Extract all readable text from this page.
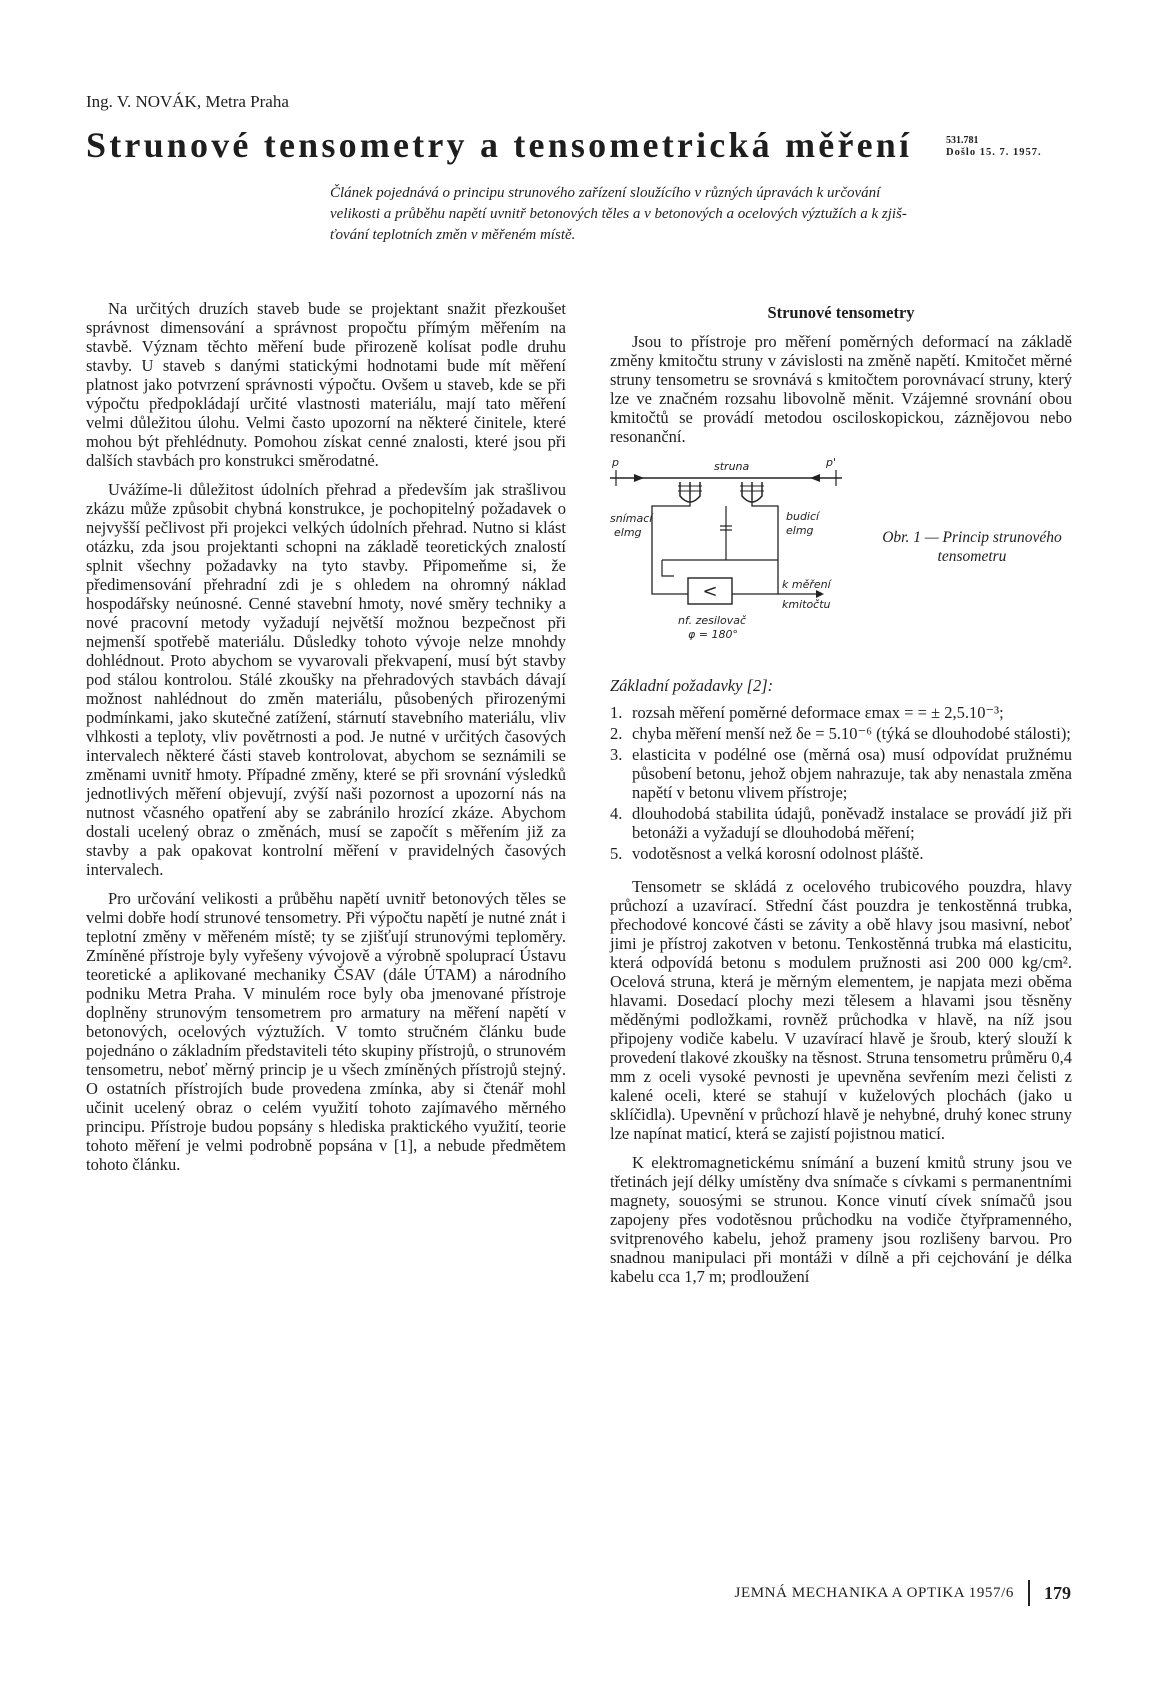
Ing. V. NOVÁK, Metra Praha
Strunové tensometry a tensometrická měření	531.781
Došlo 15. 7. 1957.
Článek pojednává o principu strunového zařízení sloužícího v různých úpravách k určování
velikosti a průběhu napětí uvnitř betonových těles a v betonových a ocelových výztužích a k zjiš-
ťování teplotních změn v měřeném místě.

Na určitých druzích staveb bude se projektant snažit přezkoušet správnost dimensování a správnost propočtu přímým měřením na stavbě. Význam těchto měření bude přirozeně kolísat podle druhu stavby. U staveb s danými statickými hodnotami bude mít měření platnost jako potvrzení správnosti výpočtu. Ovšem u staveb, kde se při výpočtu předpokládají určité vlastnosti materiálu, mají tato měření velmi důležitou úlohu. Velmi často upozorní na některé činitele, které mohou být přehlédnuty. Pomohou získat cenné znalosti, které jsou při dalších stavbách pro konstrukci směrodatné.

Uvážíme-li důležitost údolních přehrad a především jak strašlivou zkázu může způsobit chybná konstrukce, je pochopitelný požadavek o nejvyšší pečlivost při projekci velkých údolních přehrad. Nutno si klást otázku, zda jsou projektanti schopni na základě teoretických znalostí splnit všechny požadavky na tyto stavby. Připomeňme si, že předimensování přehradní zdi je s ohledem na ohromný náklad hospodářsky neúnosné. Cenné stavební hmoty, nové směry techniky a nové pracovní metody vyžadují největší možnou bezpečnost při nejmenší spotřebě materiálu. Důsledky tohoto vývoje nelze mnohdy dohlédnout. Proto abychom se vyvarovali překvapení, musí být stavby pod stálou kontrolou. Stálé zkoušky na přehradových stavbách dávají možnost nahlédnout do změn materiálu, působených přirozenými podmínkami, jako skutečné zatížení, stárnutí stavebního materiálu, vliv vlhkosti a teploty, vliv povětrnosti a pod. Je nutné v určitých časových intervalech některé části staveb kontrolovat, abychom se seznámili se změnami uvnitř hmoty. Případné změny, které se při srovnání výsledků jednotlivých měření objevují, zvýší naši pozornost a upozorní nás na nutnost včasného opatření aby se zabránilo hrozící zkáze. Abychom dostali ucelený obraz o změnách, musí se započít s měřením již za stavby a pak opakovat kontrolní měření v pravidelných časových intervalech.

Pro určování velikosti a průběhu napětí uvnitř betonových těles se velmi dobře hodí strunové tensometry. Při výpočtu napětí je nutné znát i teplotní změny v měřeném místě; ty se zjišťují strunovými teploměry. Zmíněné přístroje byly vyřešeny vývojově a výrobně spoluprací Ústavu teoretické a aplikované mechaniky ČSAV (dále ÚTAM) a národního podniku Metra Praha. V minulém roce byly oba jmenované přístroje doplněny strunovým tensometrem pro armatury na měření napětí v betonových, ocelových výztužích. V tomto stručném článku bude pojednáno o základním představiteli této skupiny přístrojů, o strunovém tensometru, neboť měrný princip je u všech zmíněných přístrojů stejný. O ostatních přístrojích bude provedena zmínka, aby si čtenář mohl učinit ucelený obraz o celém využití tohoto zajímavého měrného principu. Přístroje budou popsány s hlediska praktického využití, teorie tohoto měření je velmi podrobně popsána v [1], a nebude předmětem tohoto článku.

Strunové tensometry

Jsou to přístroje pro měření poměrných deformací na základě změny kmitočtu struny v závislosti na změně napětí. Kmitočet měrné struny tensometru se srovnává s kmitočtem porovnávací struny, který lze ve značném rozsahu libovolně měnit. Vzájemné srovnání obou kmitočtů se provádí metodou osciloskopickou, záznějovou nebo resonanční.

<
p	p'
struna
snímací
elmg
budicí
elmg
k měření
kmitočtu
nf. zesilovač
φ = 180°
Obr. 1 — Princip strunového tensometru
Základní požadavky [2]:
1. rozsah měření poměrné deformace εmax = = ± 2,5.10⁻³;
2. chyba měření menší než δe = 5.10⁻⁶ (týká se dlouhodobé stálosti);
3. elasticita v podélné ose (měrná osa) musí odpovídat pružnému působení betonu, jehož objem nahrazuje, tak aby nenastala změna napětí v betonu vlivem přístroje;
4. dlouhodobá stabilita údajů, poněvadž instalace se provádí již při betonáži a vyžadují se dlouhodobá měření;
5. vodotěsnost a velká korosní odolnost pláště.

Tensometr se skládá z ocelového trubicového pouzdra, hlavy průchozí a uzavírací. Střední část pouzdra je tenkostěnná trubka, přechodové koncové části se závity a obě hlavy jsou masivní, neboť jimi je přístroj zakotven v betonu. Tenkostěnná trubka má elasticitu, která odpovídá betonu s modulem pružnosti asi 200 000 kg/cm². Ocelová struna, která je měrným elementem, je napjata mezi oběma hlavami. Dosedací plochy mezi tělesem a hlavami jsou těsněny měděnými podložkami, rovněž průchodka v hlavě, na níž jsou připojeny vodiče kabelu. V uzavírací hlavě je šroub, který slouží k provedení tlakové zkoušky na těsnost. Struna tensometru průměru 0,4 mm z oceli vysoké pevnosti je upevněna sevřením mezi čelisti z kalené oceli, které se stahují v kuželových plochách (jako u sklíčidla). Upevnění v průchozí hlavě je nehybné, druhý konec struny lze napínat maticí, která se zajistí pojistnou maticí.

K elektromagnetickému snímání a buzení kmitů struny jsou ve třetinách její délky umístěny dva snímače s cívkami s permanentními magnety, souosými se strunou. Konce vinutí cívek snímačů jsou zapojeny přes vodotěsnou průchodku na vodiče čtyřpramenného, svitprenového kabelu, jehož prameny jsou rozlišeny barvou. Pro snadnou manipulaci při montáži v dílně a při cejchování je délka kabelu cca 1,7 m; prodloužení

JEMNÁ MECHANIKA A OPTIKA 1957/6 179
